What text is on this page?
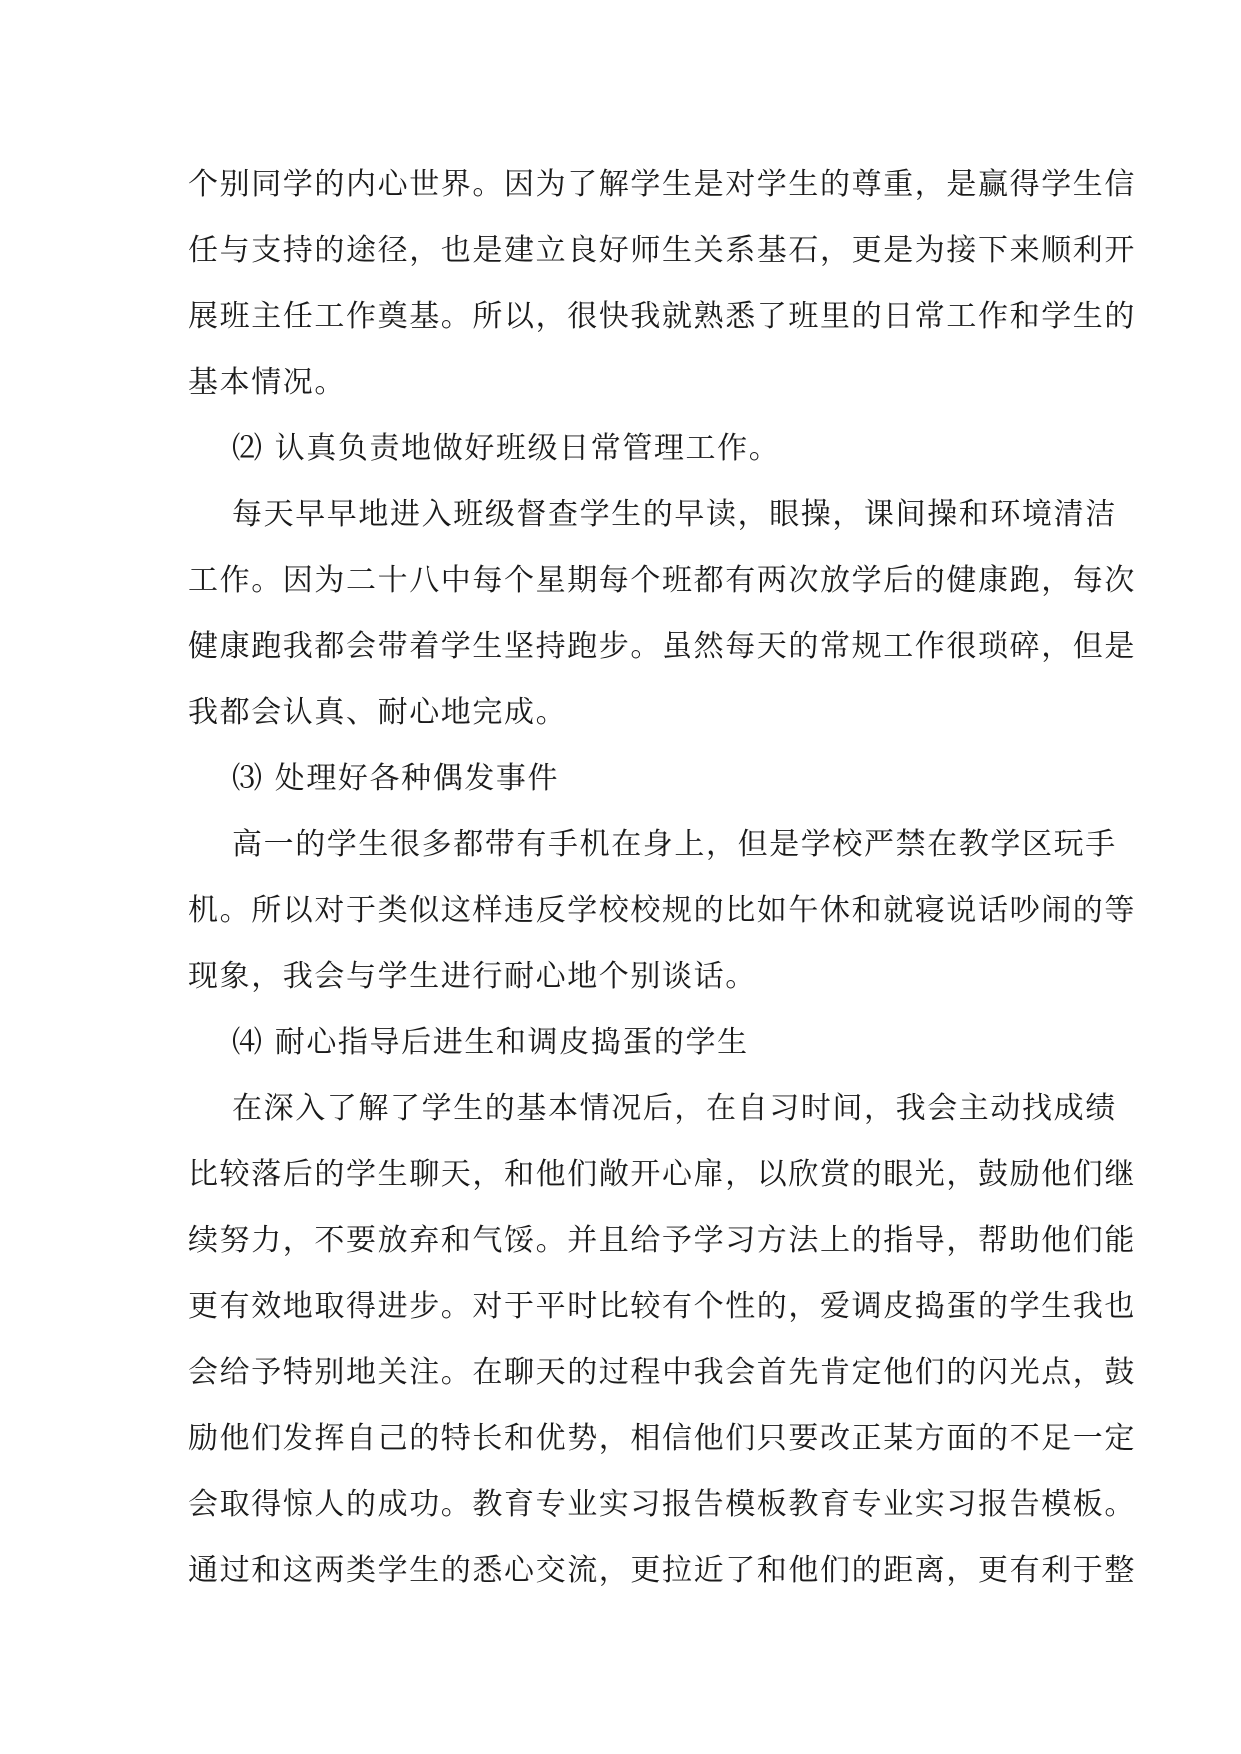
个别同学的内心世界。因为了解学生是对学生的尊重，是赢得学生信
任与支持的途径，也是建立良好师生关系基石，更是为接下来顺利开
展班主任工作奠基。所以，很快我就熟悉了班里的日常工作和学生的
基本情况。
⑵ 认真负责地做好班级日常管理工作。
每天早早地进入班级督查学生的早读，眼操，课间操和环境清洁
工作。因为二十八中每个星期每个班都有两次放学后的健康跑，每次
健康跑我都会带着学生坚持跑步。虽然每天的常规工作很琐碎，但是
我都会认真、耐心地完成。
⑶ 处理好各种偶发事件
高一的学生很多都带有手机在身上，但是学校严禁在教学区玩手
机。所以对于类似这样违反学校校规的比如午休和就寝说话吵闹的等
现象，我会与学生进行耐心地个别谈话。
⑷ 耐心指导后进生和调皮捣蛋的学生
在深入了解了学生的基本情况后，在自习时间，我会主动找成绩
比较落后的学生聊天，和他们敞开心扉，以欣赏的眼光，鼓励他们继
续努力，不要放弃和气馁。并且给予学习方法上的指导，帮助他们能
更有效地取得进步。对于平时比较有个性的，爱调皮捣蛋的学生我也
会给予特别地关注。在聊天的过程中我会首先肯定他们的闪光点，鼓
励他们发挥自己的特长和优势，相信他们只要改正某方面的不足一定
会取得惊人的成功。教育专业实习报告模板教育专业实习报告模板。
通过和这两类学生的悉心交流，更拉近了和他们的距离，更有利于整
